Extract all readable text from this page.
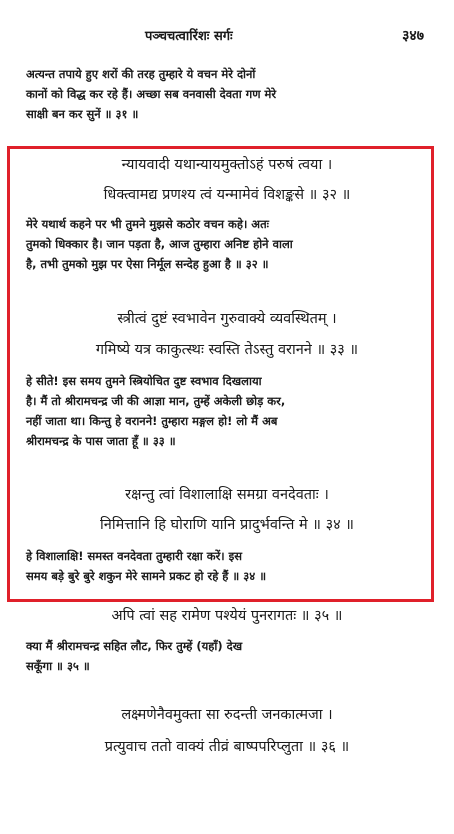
पञ्चचत्वारिंशः सर्गः	३४७
अत्यन्त तपाये हुए शरों की तरह तुम्हारे ये वचन मेरे दोनों
कानों को विद्ध कर रहे हैं। अच्छा सब वनवासी देवता गण मेरे
साक्षी बन कर सुनें ॥ ३१ ॥
न्यायवादी यथान्यायमुक्तोऽहं परुषं त्वया ।
धिक्त्वामद्य प्रणश्य त्वं यन्मामेवं विशङ्कसे ॥ ३२ ॥
मेरे यथार्थ कहने पर भी तुमने मुझसे कठोर वचन कहे। अतः
तुमको धिक्कार है। जान पड़ता है, आज तुम्हारा अनिष्ट होने वाला
है, तभी तुमको मुझ पर ऐसा निर्मूल सन्देह हुआ है ॥ ३२ ॥
स्त्रीत्वं दुष्टं स्वभावेन गुरुवाक्ये व्यवस्थितम् ।
गमिष्ये यत्र काकुत्स्थः स्वस्ति तेऽस्तु वरानने ॥ ३३ ॥
हे सीते! इस समय तुमने स्त्रियोचित दुष्ट स्वभाव दिखलाया
है। मैं तो श्रीरामचन्द्र जी की आज्ञा मान, तुम्हें अकेली छोड़ कर,
नहीं जाता था। किन्तु हे वरानने! तुम्हारा मङ्गल हो! लो मैं अब
श्रीरामचन्द्र के पास जाता हूँ ॥ ३३ ॥
रक्षन्तु त्वां विशालाक्षि समग्रा वनदेवताः ।
निमित्तानि हि घोराणि यानि प्रादुर्भवन्ति मे ॥ ३४ ॥
हे विशालाक्षि! समस्त वनदेवता तुम्हारी रक्षा करें। इस
समय बड़े बुरे बुरे शकुन मेरे सामने प्रकट हो रहे हैं ॥ ३४ ॥
अपि त्वां सह रामेण पश्येयं पुनरागतः ॥ ३५ ॥
क्या मैं श्रीरामचन्द्र सहित लौट, फिर तुम्हें (यहाँ) देख
सकूँगा ॥ ३५ ॥
लक्ष्मणेनैवमुक्ता सा रुदन्ती जनकात्मजा ।
प्रत्युवाच ततो वाक्यं तीव्रं बाष्पपरिप्लुता ॥ ३६ ॥
